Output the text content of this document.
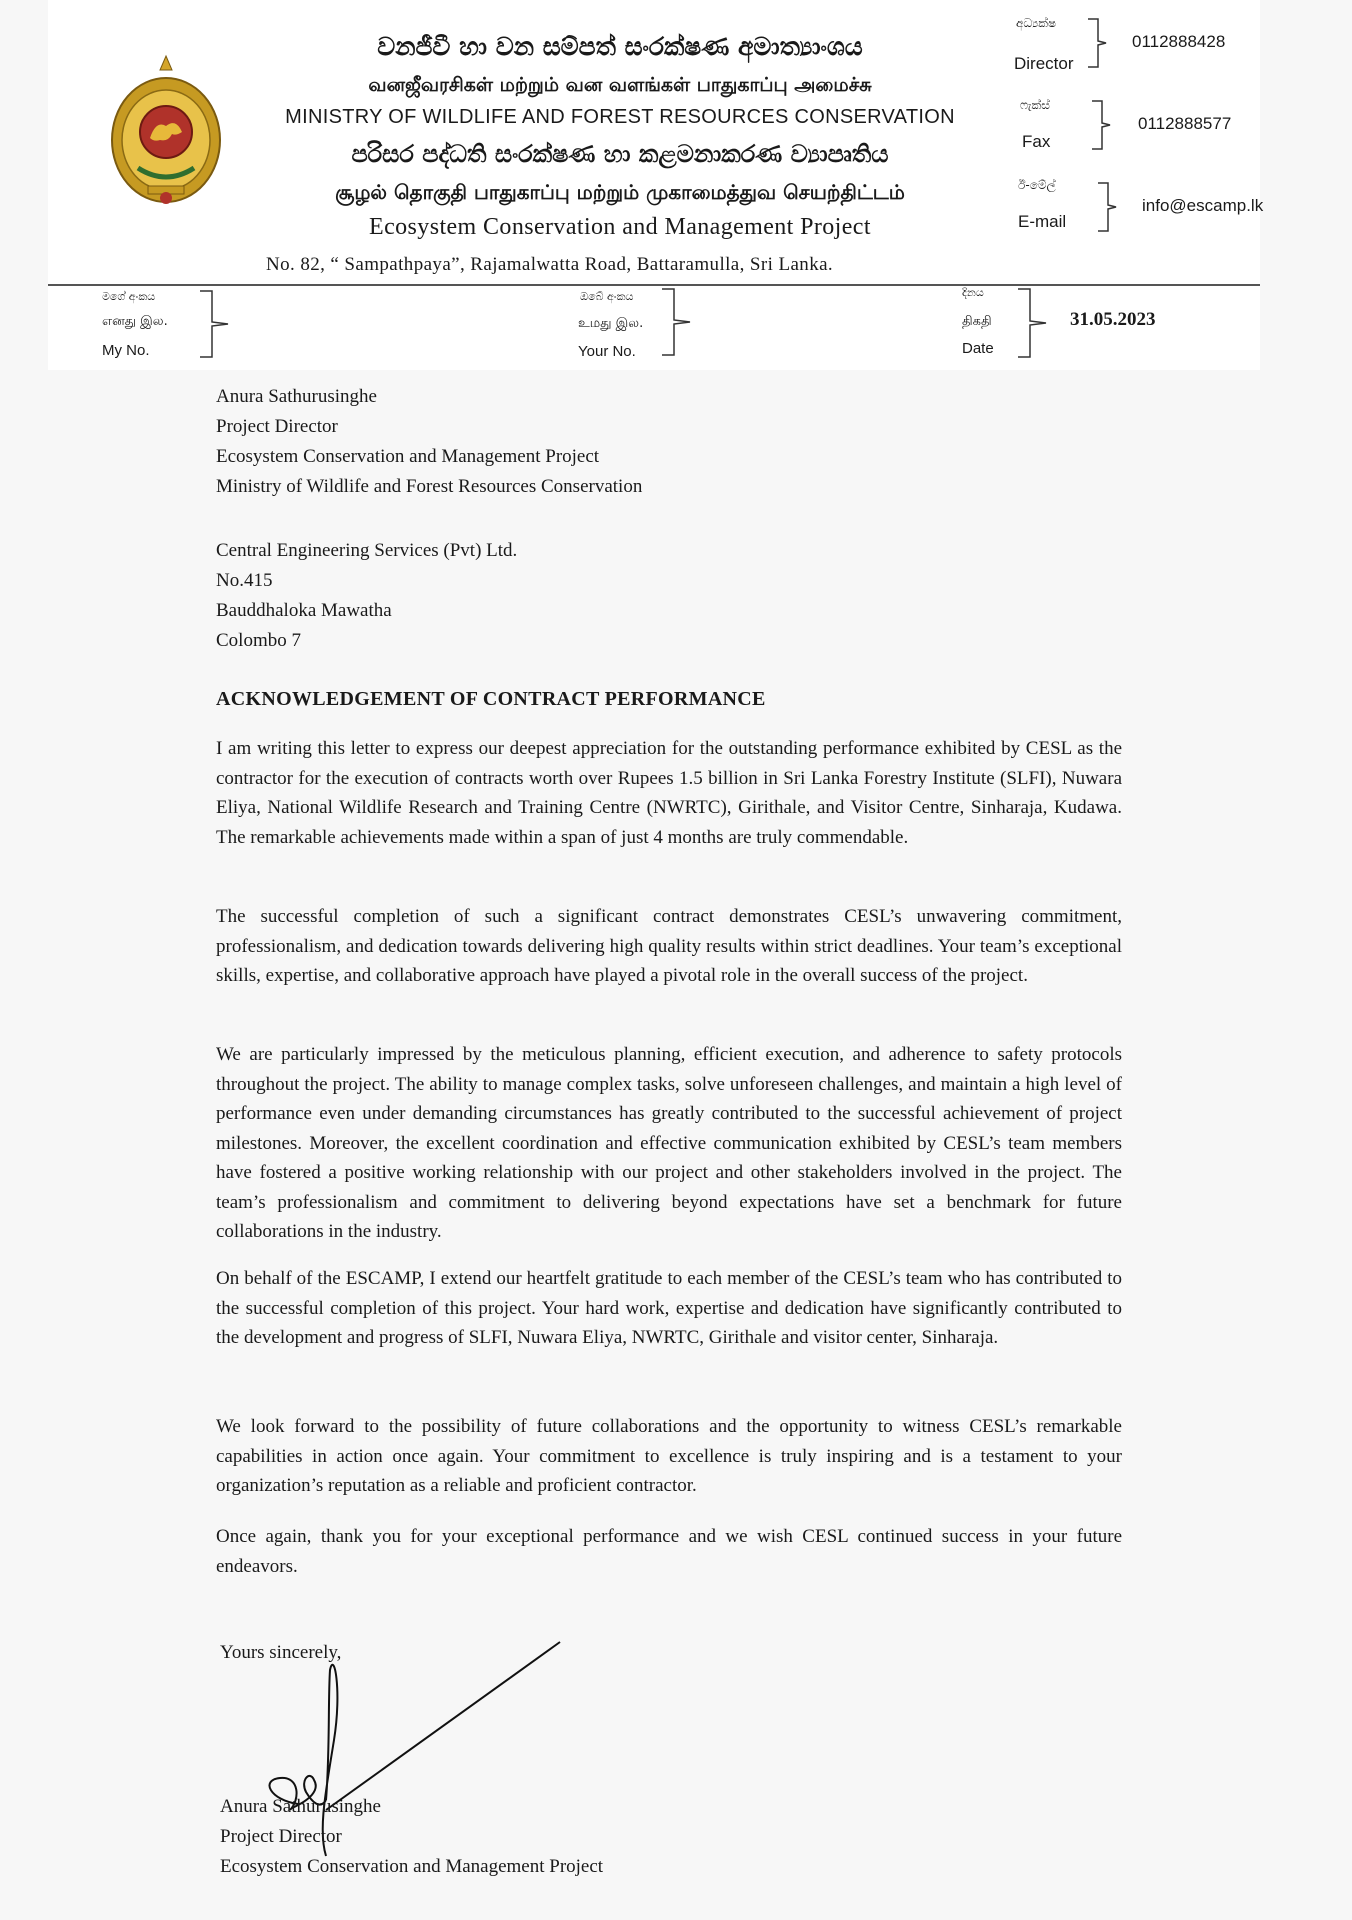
වනජීවී හා වන සම්පත් සංරක්ෂණ අමාත්‍යාංශය
வனஜீவரசிகள் மற்றும் வன வளங்கள் பாதுகாப்பு அமைச்சு
MINISTRY OF WILDLIFE AND FOREST RESOURCES CONSERVATION
පරිසර පද්ධති සංරක්ෂණ හා කළමනාකරණ ව්‍යාපෘතිය
சூழல் தொகுதி பாதுகாப்பு மற்றும் முகாமைத்துவ செயற்திட்டம்
Ecosystem Conservation and Management Project
No. 82, “ Sampathpaya”, Rajamalwatta Road, Battaramulla, Sri Lanka.
අධ්‍යක්ෂ
Director
0112888428
ෆැක්ස්
Fax
0112888577
ඊ-මේල්
E-mail
info@escamp.lk
මගේ අංකය
எனது இல.
My No.
ඔබේ අංකය
உமது இல.
Your No.
දිනය
திகதி
Date
31.05.2023
Anura Sathurusinghe
Project Director
Ecosystem Conservation and Management Project
Ministry of Wildlife and Forest Resources Conservation
Central Engineering Services (Pvt) Ltd.
No.415
Bauddhaloka Mawatha
Colombo 7
ACKNOWLEDGEMENT OF CONTRACT PERFORMANCE

I am writing this letter to express our deepest appreciation for the outstanding performance exhibited by CESL as the contractor for the execution of contracts worth over Rupees 1.5 billion in Sri Lanka Forestry Institute (SLFI), Nuwara Eliya, National Wildlife Research and Training Centre (NWRTC), Girithale, and Visitor Centre, Sinharaja, Kudawa. The remarkable achievements made within a span of just 4 months are truly commendable.

The successful completion of such a significant contract demonstrates CESL’s unwavering commitment, professionalism, and dedication towards delivering high quality results within strict deadlines. Your team’s exceptional skills, expertise, and collaborative approach have played a pivotal role in the overall success of the project.

We are particularly impressed by the meticulous planning, efficient execution, and adherence to safety protocols throughout the project. The ability to manage complex tasks, solve unforeseen challenges, and maintain a high level of performance even under demanding circumstances has greatly contributed to the successful achievement of project milestones. Moreover, the excellent coordination and effective communication exhibited by CESL’s team members have fostered a positive working relationship with our project and other stakeholders involved in the project. The team’s professionalism and commitment to delivering beyond expectations have set a benchmark for future collaborations in the industry.

On behalf of the ESCAMP, I extend our heartfelt gratitude to each member of the CESL’s team who has contributed to the successful completion of this project. Your hard work, expertise and dedication have significantly contributed to the development and progress of SLFI, Nuwara Eliya, NWRTC, Girithale and visitor center, Sinharaja.

We look forward to the possibility of future collaborations and the opportunity to witness CESL’s remarkable capabilities in action once again. Your commitment to excellence is truly inspiring and is a testament to your organization’s reputation as a reliable and proficient contractor.

Once again, thank you for your exceptional performance and we wish CESL continued success in your future endeavors.

Yours sincerely,
Anura Sathurusinghe
Project Director
Ecosystem Conservation and Management Project
